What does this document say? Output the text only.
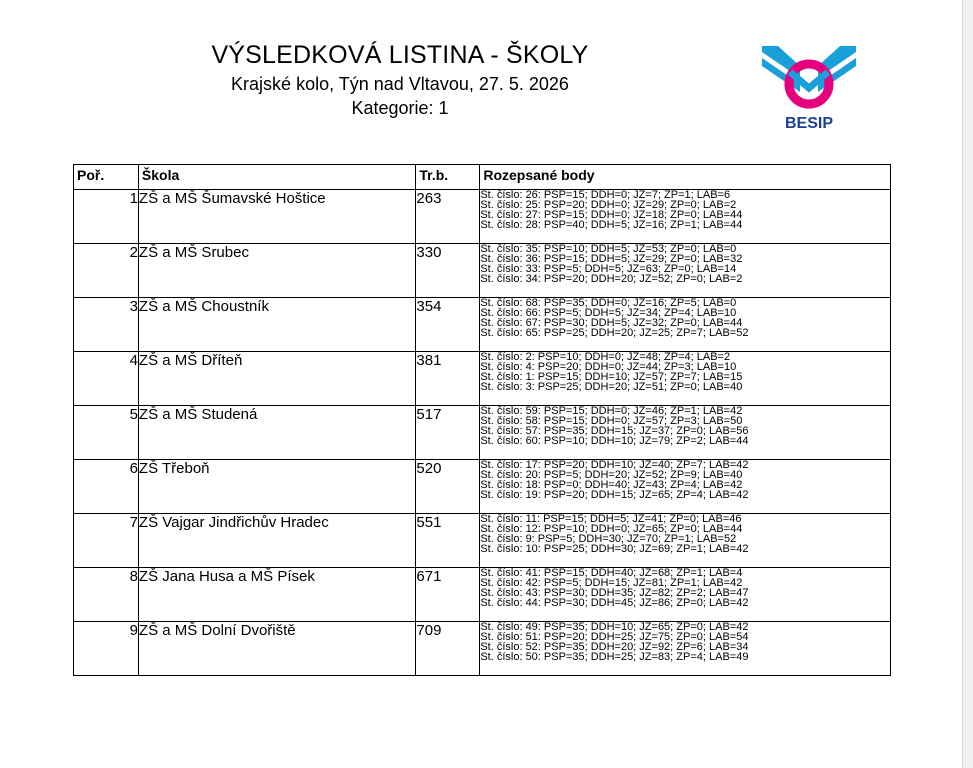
VÝSLEDKOVÁ LISTINA - ŠKOLY
Krajské kolo, Týn nad Vltavou, 27. 5. 2026
Kategorie: 1
BESIP
Poř.	Škola	Tr.b.	Rozepsané body
1	ZŠ a MŠ Šumavské Hoštice	263	St. číslo: 26: PSP=15; DDH=0; JZ=7; ZP=1; LAB=6
St. číslo: 25: PSP=20; DDH=0; JZ=29; ZP=0; LAB=2
St. číslo: 27: PSP=15; DDH=0; JZ=18; ZP=0; LAB=44
St. číslo: 28: PSP=40; DDH=5; JZ=16; ZP=1; LAB=44

2	ZŠ a MŠ Srubec	330	St. číslo: 35: PSP=10; DDH=5; JZ=53; ZP=0; LAB=0
St. číslo: 36: PSP=15; DDH=5; JZ=29; ZP=0; LAB=32
St. číslo: 33: PSP=5; DDH=5; JZ=63; ZP=0; LAB=14
St. číslo: 34: PSP=20; DDH=20; JZ=52; ZP=0; LAB=2

3	ZŠ a MŠ Choustník	354	St. číslo: 68: PSP=35; DDH=0; JZ=16; ZP=5; LAB=0
St. číslo: 66: PSP=5; DDH=5; JZ=34; ZP=4; LAB=10
St. číslo: 67: PSP=30; DDH=5; JZ=32; ZP=0; LAB=44
St. číslo: 65: PSP=25; DDH=20; JZ=25; ZP=7; LAB=52

4	ZŠ a MŠ Dříteň	381	St. číslo: 2: PSP=10; DDH=0; JZ=48; ZP=4; LAB=2
St. číslo: 4: PSP=20; DDH=0; JZ=44; ZP=3; LAB=10
St. číslo: 1: PSP=15; DDH=10; JZ=57; ZP=7; LAB=15
St. číslo: 3: PSP=25; DDH=20; JZ=51; ZP=0; LAB=40

5	ZŠ a MŠ Studená	517	St. číslo: 59: PSP=15; DDH=0; JZ=46; ZP=1; LAB=42
St. číslo: 58: PSP=15; DDH=0; JZ=57; ZP=3; LAB=50
St. číslo: 57: PSP=35; DDH=15; JZ=37; ZP=0; LAB=56
St. číslo: 60: PSP=10; DDH=10; JZ=79; ZP=2; LAB=44

6	ZŠ Třeboň	520	St. číslo: 17: PSP=20; DDH=10; JZ=40; ZP=7; LAB=42
St. číslo: 20: PSP=5; DDH=20; JZ=52; ZP=9; LAB=40
St. číslo: 18: PSP=0; DDH=40; JZ=43; ZP=4; LAB=42
St. číslo: 19: PSP=20; DDH=15; JZ=65; ZP=4; LAB=42

7	ZŠ Vajgar Jindřichův Hradec	551	St. číslo: 11: PSP=15; DDH=5; JZ=41; ZP=0; LAB=46
St. číslo: 12: PSP=10; DDH=0; JZ=65; ZP=0; LAB=44
St. číslo: 9: PSP=5; DDH=30; JZ=70; ZP=1; LAB=52
St. číslo: 10: PSP=25; DDH=30; JZ=69; ZP=1; LAB=42

8	ZŠ Jana Husa a MŠ Písek	671	St. číslo: 41: PSP=15; DDH=40; JZ=68; ZP=1; LAB=4
St. číslo: 42: PSP=5; DDH=15; JZ=81; ZP=1; LAB=42
St. číslo: 43: PSP=30; DDH=35; JZ=82; ZP=2; LAB=47
St. číslo: 44: PSP=30; DDH=45; JZ=86; ZP=0; LAB=42

9	ZŠ a MŠ Dolní Dvořiště	709	St. číslo: 49: PSP=35; DDH=10; JZ=65; ZP=0; LAB=42
St. číslo: 51: PSP=20; DDH=25; JZ=75; ZP=0; LAB=54
St. číslo: 52: PSP=35; DDH=20; JZ=92; ZP=6; LAB=34
St. číslo: 50: PSP=35; DDH=25; JZ=83; ZP=4; LAB=49
